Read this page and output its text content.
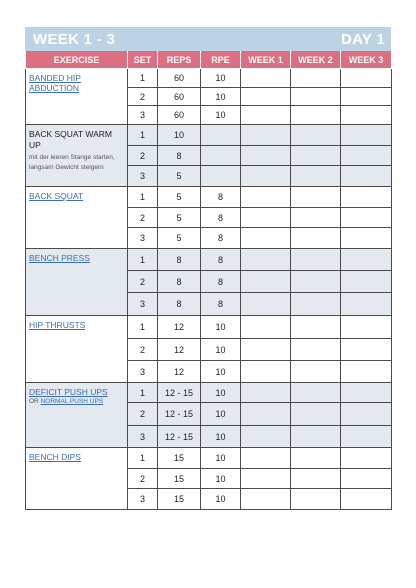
WEEK 1 - 3	DAY 1
EXERCISE	SET	REPS	RPE	WEEK 1	WEEK 2	WEEK 3

BANDED HIP ABDUCTION	1	60	10			
	2	60	10			
	3	60	10			

BACK SQUAT WARM UP
mit der leeren Stange starten, langsam Gewicht steigern	1	10				
	2	8				
	3	5				

BACK SQUAT	1	5	8			
	2	5	8			
	3	5	8			

BENCH PRESS	1	8	8			
	2	8	8			
	3	8	8			

HIP THRUSTS	1	12	10			
	2	12	10			
	3	12	10			

DEFICIT PUSH UPS
OR NORMAL PUSH UPS	1	12 - 15	10			
	2	12 - 15	10			
	3	12 - 15	10			

BENCH DIPS	1	15	10			
	2	15	10			
	3	15	10			
